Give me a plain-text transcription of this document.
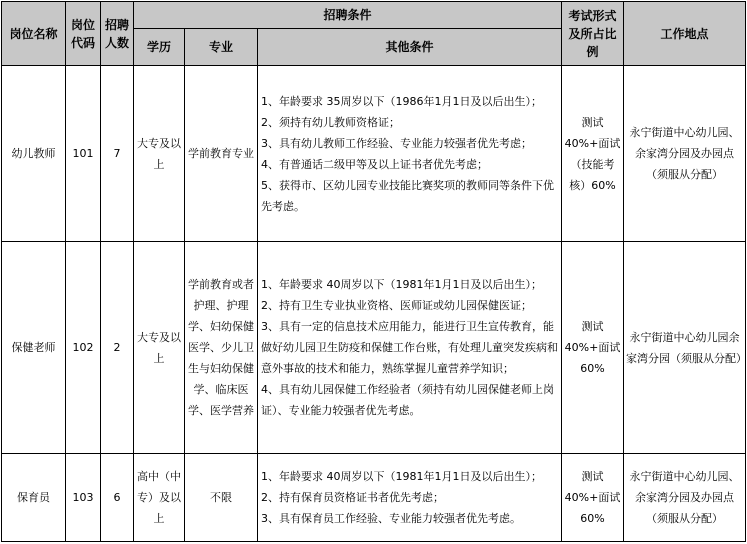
岗位名称	岗位代码	招聘人数	招聘条件			考试形式及所占比例	工作地点
			学历	专业	其他条件		
幼儿教师	101	7	大专及以上	学前教育专业	1、年龄要求 35周岁以下（1986年1月1日及以后出生）；
2、须持有幼儿教师资格证；
3、具有幼儿教师工作经验、专业能力较强者优先考虑；
4、有普通话二级甲等及以上证书者优先考虑；
5、获得市、区幼儿园专业技能比赛奖项的教师同等条件下优先考虑。	测试 40%+面试（技能考核）60%	永宁街道中心幼儿园、余家湾分园及办园点（须服从分配）
保健老师	102	2	大专及以上	学前教育或者护理、护理学、妇幼保健医学、少儿卫生与妇幼保健学、临床医学、医学营养	1、年龄要求 40周岁以下（1981年1月1日及以后出生）；
2、持有卫生专业执业资格、医师证或幼儿园保健医证；
3、具有一定的信息技术应用能力，能进行卫生宣传教育，能做好幼儿园卫生防疫和保健工作台账，有处理儿童突发疾病和意外事故的技术和能力，熟练掌握儿童营养学知识；
4、具有幼儿园保健工作经验者（须持有幼儿园保健老师上岗证）、专业能力较强者优先考虑。	测试 40%+面试 60%	永宁街道中心幼儿园余家湾分园（须服从分配）
保育员	103	6	高中（中专）及以上	不限	1、年龄要求 40周岁以下（1981年1月1日及以后出生）；
2、持有保育员资格证书者优先考虑；
3、具有保育员工作经验、专业能力较强者优先考虑。	测试 40%+面试 60%	永宁街道中心幼儿园、余家湾分园及办园点（须服从分配）
